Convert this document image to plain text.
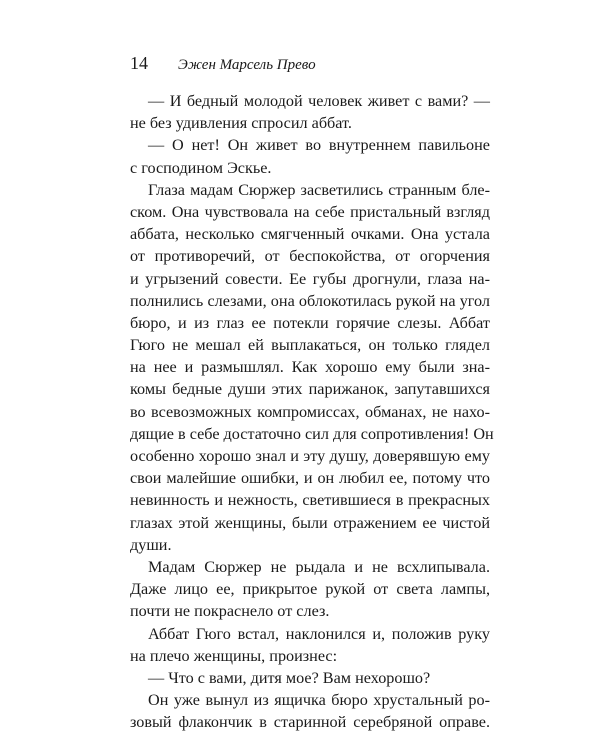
14 Эжен Марсель Прево
— И бедный молодой человек живет с вами? —
не без удивления спросил аббат.
— О нет! Он живет во внутреннем павильоне
с господином Эскье.
Глаза мадам Сюржер засветились странным бле-
ском. Она чувствовала на себе пристальный взгляд
аббата, несколько смягченный очками. Она устала
от противоречий, от беспокойства, от огорчения
и угрызений совести. Ее губы дрогнули, глаза на-
полнились слезами, она облокотилась рукой на угол
бюро, и из глаз ее потекли горячие слезы. Аббат
Гюго не мешал ей выплакаться, он только глядел
на нее и размышлял. Как хорошо ему были зна-
комы бедные души этих парижанок, запутавшихся
во всевозможных компромиссах, обманах, не нахо-
дящие в себе достаточно сил для сопротивления! Он
особенно хорошо знал и эту душу, доверявшую ему
свои малейшие ошибки, и он любил ее, потому что
невинность и нежность, светившиеся в прекрасных
глазах этой женщины, были отражением ее чистой
души.
Мадам Сюржер не рыдала и не всхлипывала.
Даже лицо ее, прикрытое рукой от света лампы,
почти не покраснело от слез.
Аббат Гюго встал, наклонился и, положив руку
на плечо женщины, произнес:
— Что с вами, дитя мое? Вам нехорошо?
Он уже вынул из ящичка бюро хрустальный ро-
зовый флакончик в старинной серебряной оправе.
